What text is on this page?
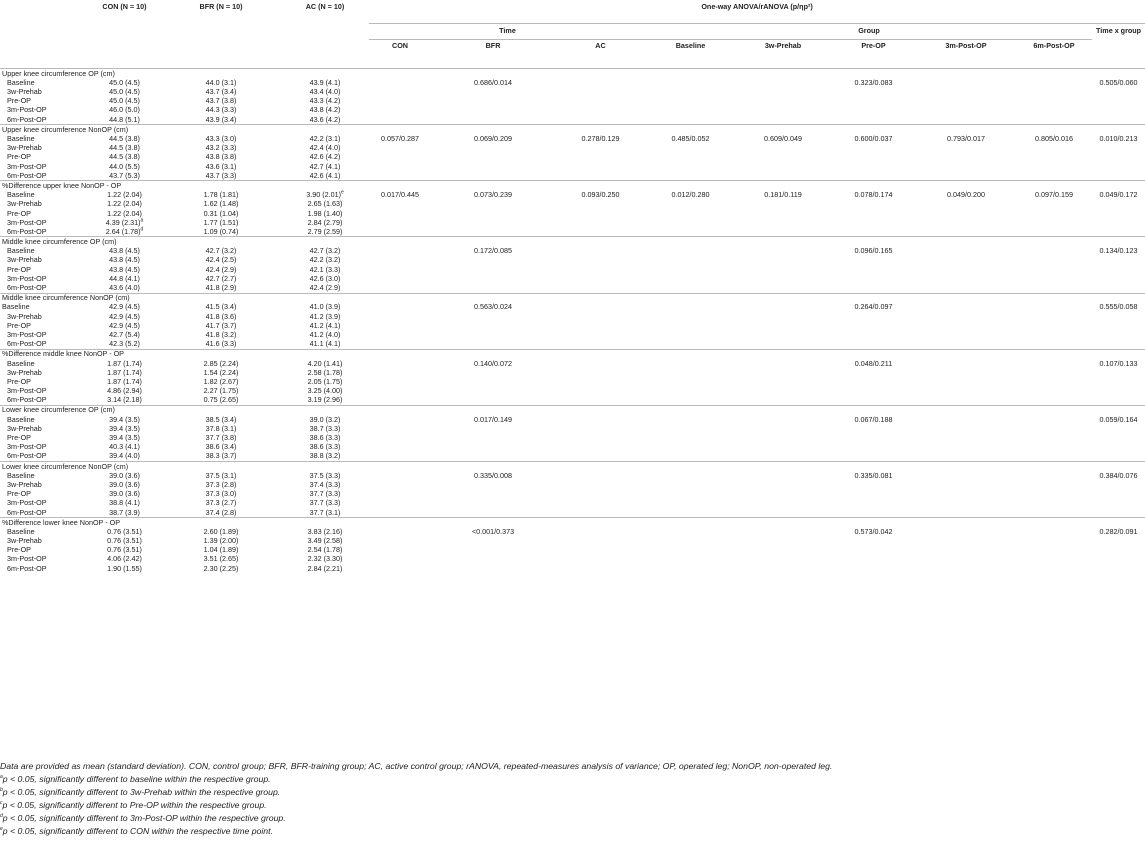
	CON (N = 10)	BFR (N = 10)	AC (N = 10)	One-way ANOVA/rANOVA (p/ηp²)								
				Time			Group					Time x group
				CON	BFR	AC	Baseline	3w-Prehab	Pre-OP	3m-Post-OP	6m-Post-OP	

Upper knee circumference OP (cm)												
Baseline	45.0 (4.5)	44.0 (3.1)	43.9 (4.1)		0.686/0.014				0.323/0.083			0.505/0.060
3w-Prehab	45.0 (4.5)	43.7 (3.4)	43.4 (4.0)									
Pre-OP	45.0 (4.5)	43.7 (3.8)	43.3 (4.2)									
3m-Post-OP	46.0 (5.0)	44.3 (3.3)	43.8 (4.2)									
6m-Post-OP	44.8 (5.1)	43.9 (3.4)	43.6 (4.2)									
Upper knee circumference NonOP (cm)												
Baseline	44.5 (3.8)	43.3 (3.0)	42.2 (3.1)	0.057/0.287	0.069/0.209	0.278/0.129	0.485/0.052	0.609/0.049	0.600/0.037	0.793/0.017	0.805/0.016	0.010/0.213
3w-Prehab	44.5 (3.8)	43.2 (3.3)	42.4 (4.0)									
Pre-OP	44.5 (3.8)	43.8 (3.8)	42.6 (4.2)									
3m-Post-OP	44.0 (5.5)	43.6 (3.1)	42.7 (4.1)									
6m-Post-OP	43.7 (5.3)	43.7 (3.3)	42.6 (4.1)									
%Difference upper knee NonOP - OP												
Baseline	1.22 (2.04)	1.78 (1.81)	3.90 $(2.01)^e$	0.017/0.445	0.073/0.239	0.093/0.250	0.012/0.280	0.181/0.119	0.078/0.174	0.049/0.200	0.097/0.159	0.049/0.172
3w-Prehab	1.22 (2.04)	1.62 (1.48)	2.65 (1.63)									
Pre-OP	1.22 (2.04)	0.31 (1.04)	1.98 (1.40)									
3m-Post-OP	4.39 $(2.31)^a$	1.77 (1.51)	2.84 (2.79)									
6m-Post-OP	2.64 $(1.78)^d$	1.09 (0.74)	2.79 (2.59)									
Middle knee circumference OP (cm)												
Baseline	43.8 (4.5)	42.7 (3.2)	42.7 (3.2)		0.172/0.085				0.096/0.165			0.134/0.123
3w-Prehab	43.8 (4.5)	42.4 (2.5)	42.2 (3.2)									
Pre-OP	43.8 (4.5)	42.4 (2.9)	42.1 (3.3)									
3m-Post-OP	44.8 (4.1)	42.7 (2.7)	42.6 (3.0)									
6m-Post-OP	43.6 (4.0)	41.8 (2.9)	42.4 (2.9)									
Middle knee circumference NonOP (cm)												
Baseline	42.9 (4.5)	41.5 (3.4)	41.0 (3.9)		0.563/0.024				0.264/0.097			0.555/0.058
3w-Prehab	42.9 (4.5)	41.8 (3.6)	41.2 (3.9)									
Pre-OP	42.9 (4.5)	41.7 (3.7)	41.2 (4.1)									
3m-Post-OP	42.7 (5.4)	41.8 (3.2)	41.2 (4.0)									
6m-Post-OP	42.3 (5.2)	41.6 (3.3)	41.1 (4.1)									
%Difference middle knee NonOP - OP												
Baseline	1.87 (1.74)	2.85 (2.24)	4.20 (1.41)		0.140/0.072				0.048/0.211			0.107/0.133
3w-Prehab	1.87 (1.74)	1.54 (2.24)	2.58 (1.78)									
Pre-OP	1.87 (1.74)	1.82 (2.67)	2.05 (1.75)									
3m-Post-OP	4.86 (2.94)	2.27 (1.75)	3.25 (4.00)									
6m-Post-OP	3.14 (2.18)	0.75 (2.65)	3.19 (2.96)									
Lower knee circumference OP (cm)												
Baseline	39.4 (3.5)	38.5 (3.4)	39.0 (3.2)		0.017/0.149				0.067/0.188			0.059/0.164
3w-Prehab	39.4 (3.5)	37.8 (3.1)	38.7 (3.3)									
Pre-OP	39.4 (3.5)	37.7 (3.8)	38.6 (3.3)									
3m-Post-OP	40.3 (4.1)	38.6 (3.4)	38.6 (3.3)									
6m-Post-OP	39.4 (4.0)	38.3 (3.7)	38.8 (3.2)									
Lower knee circumference NonOP (cm)												
Baseline	39.0 (3.6)	37.5 (3.1)	37.5 (3.3)		0.335/0.008				0.335/0.081			0.384/0.076
3w-Prehab	39.0 (3.6)	37.3 (2.8)	37.4 (3.3)									
Pre-OP	39.0 (3.6)	37.3 (3.0)	37.7 (3.3)									
3m-Post-OP	38.8 (4.1)	37.3 (2.7)	37.7 (3.3)									
6m-Post-OP	38.7 (3.9)	37.4 (2.8)	37.7 (3.1)									
%Difference lower knee NonOP - OP												
Baseline	0.76 (3.51)	2.60 (1.89)	3.83 (2.16)		<0.001/0.373				0.573/0.042			0.282/0.091
3w-Prehab	0.76 (3.51)	1.39 (2.00)	3.49 (2.58)									
Pre-OP	0.76 (3.51)	1.04 (1.89)	2.54 (1.78)									
3m-Post-OP	4.06 (2.42)	3.51 (2.65)	2.32 (3.30)									
6m-Post-OP	1.90 (1.55)	2.30 (2.25)	2.84 (2.21)									

Data are provided as mean (standard deviation). CON, control group; BFR, BFR-training group; AC, active control group; rANOVA, repeated-measures analysis of variance; OP, operated leg; NonOP, non-operated leg.

$^a$p < 0.05, significantly different to baseline within the respective group.

$^b$p < 0.05, significantly different to 3w-Prehab within the respective group.

$^c$p < 0.05, significantly different to Pre-OP within the respective group.

$^d$p < 0.05, significantly different to 3m-Post-OP within the respective group.

$^e$p < 0.05, significantly different to CON within the respective time point.
